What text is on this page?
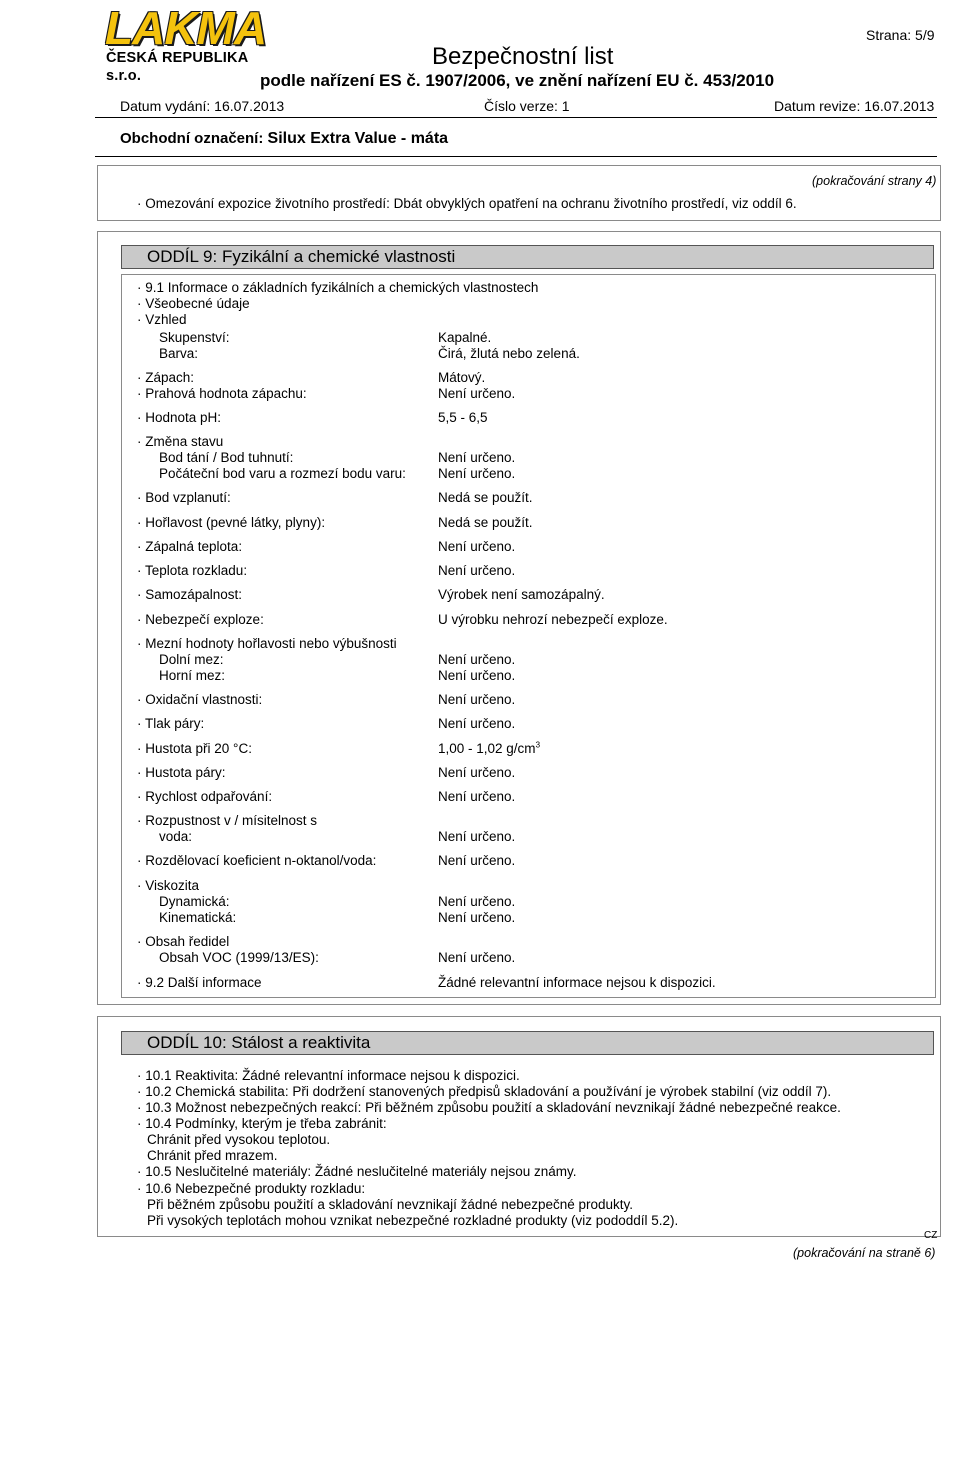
LAKMA
ČESKÁ REPUBLIKA s.r.o.
Bezpečnostní list
podle nařízení ES č. 1907/2006, ve znění nařízení EU č. 453/2010
Strana: 5/9
Datum vydání: 16.07.2013	Číslo verze: 1	Datum revize: 16.07.2013
Obchodní označení: Silux Extra Value - máta
(pokračování strany 4)
· Omezování expozice životního prostředí: Dbát obvyklých opatření na ochranu životního prostředí, viz oddíl 6.
ODDÍL 9: Fyzikální a chemické vlastnosti
· 9.1 Informace o základních fyzikálních a chemických vlastnostech
· Všeobecné údaje
· Vzhled
Skupenství:	Kapalné.
Barva:	Čirá, žlutá nebo zelená.
· Zápach:	Mátový.
· Prahová hodnota zápachu:	Není určeno.
· Hodnota pH:	5,5 - 6,5
· Změna stavu
Bod tání / Bod tuhnutí:	Není určeno.
Počáteční bod varu a rozmezí bodu varu: Není určeno.
· Bod vzplanutí:	Nedá se použít.
· Hořlavost (pevné látky, plyny):	Nedá se použít.
· Zápalná teplota:	Není určeno.
· Teplota rozkladu:	Není určeno.
· Samozápalnost:	Výrobek není samozápalný.
· Nebezpečí exploze:	U výrobku nehrozí nebezpečí exploze.
· Mezní hodnoty hořlavosti nebo výbušnosti
Dolní mez:	Není určeno.
Horní mez:	Není určeno.
· Oxidační vlastnosti:	Není určeno.
· Tlak páry:	Není určeno.
· Hustota při 20 °C:	1,00 - 1,02 $g/cm^3$
· Hustota páry:	Není určeno.
· Rychlost odpařování:	Není určeno.
· Rozpustnost v / mísitelnost s
voda:	Není určeno.
· Rozdělovací koeficient n-oktanol/voda:	Není určeno.
· Viskozita
Dynamická:	Není určeno.
Kinematická:	Není určeno.
· Obsah ředidel
Obsah VOC (1999/13/ES):	Není určeno.
· 9.2 Další informace	Žádné relevantní informace nejsou k dispozici.
ODDÍL 10: Stálost a reaktivita
· 10.1 Reaktivita: Žádné relevantní informace nejsou k dispozici.
· 10.2 Chemická stabilita: Při dodržení stanovených předpisů skladování a používání je výrobek stabilní (viz oddíl 7).
· 10.3 Možnost nebezpečných reakcí: Při běžném způsobu použití a skladování nevznikají žádné nebezpečné reakce.
· 10.4 Podmínky, kterým je třeba zabránit:
Chránit před vysokou teplotou.
Chránit před mrazem.
· 10.5 Neslučitelné materiály: Žádné neslučitelné materiály nejsou známy.
· 10.6 Nebezpečné produkty rozkladu:
Při běžném způsobu použití a skladování nevznikají žádné nebezpečné produkty.
Při vysokých teplotách mohou vznikat nebezpečné rozkladné produkty (viz pododdíl 5.2).
CZ
(pokračování na straně 6)
